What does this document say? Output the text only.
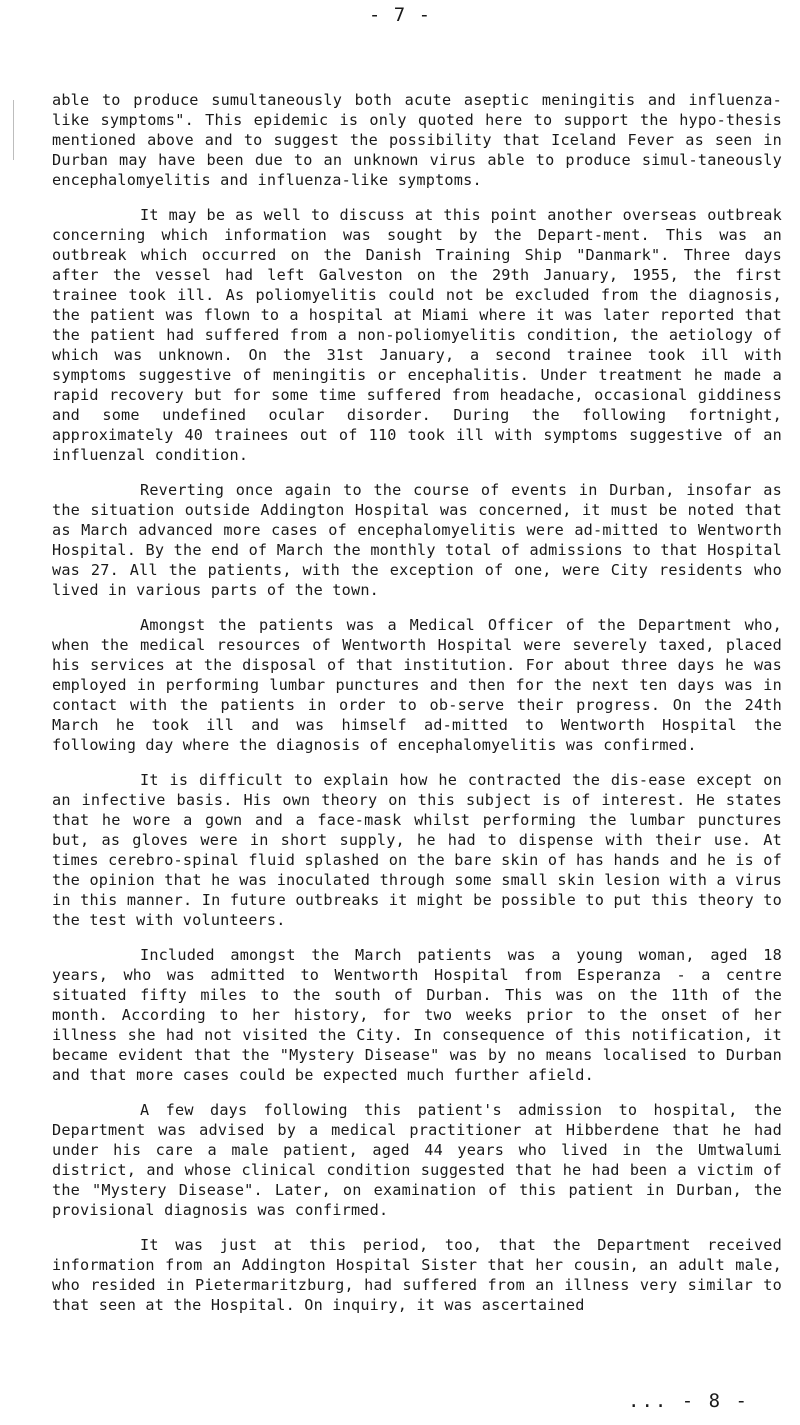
- 7 -

able to produce sumultaneously both acute aseptic meningitis and influenza-like symptoms". This epidemic is only quoted here to support the hypo-thesis mentioned above and to suggest the possibility that Iceland Fever as seen in Durban may have been due to an unknown virus able to produce simul-taneously encephalomyelitis and influenza-like symptoms.

It may be as well to discuss at this point another overseas outbreak concerning which information was sought by the Depart-ment. This was an outbreak which occurred on the Danish Training Ship "Danmark". Three days after the vessel had left Galveston on the 29th January, 1955, the first trainee took ill. As poliomyelitis could not be excluded from the diagnosis, the patient was flown to a hospital at Miami where it was later reported that the patient had suffered from a non-poliomyelitis condition, the aetiology of which was unknown. On the 31st January, a second trainee took ill with symptoms suggestive of meningitis or encephalitis. Under treatment he made a rapid recovery but for some time suffered from headache, occasional giddiness and some undefined ocular disorder. During the following fortnight, approximately 40 trainees out of 110 took ill with symptoms suggestive of an influenzal condition.

Reverting once again to the course of events in Durban, insofar as the situation outside Addington Hospital was concerned, it must be noted that as March advanced more cases of encephalomyelitis were ad-mitted to Wentworth Hospital. By the end of March the monthly total of admissions to that Hospital was 27. All the patients, with the exception of one, were City residents who lived in various parts of the town.

Amongst the patients was a Medical Officer of the Department who, when the medical resources of Wentworth Hospital were severely taxed, placed his services at the disposal of that institution. For about three days he was employed in performing lumbar punctures and then for the next ten days was in contact with the patients in order to ob-serve their progress. On the 24th March he took ill and was himself ad-mitted to Wentworth Hospital the following day where the diagnosis of encephalomyelitis was confirmed.

It is difficult to explain how he contracted the dis-ease except on an infective basis. His own theory on this subject is of interest. He states that he wore a gown and a face-mask whilst performing the lumbar punctures but, as gloves were in short supply, he had to dispense with their use. At times cerebro-spinal fluid splashed on the bare skin of has hands and he is of the opinion that he was inoculated through some small skin lesion with a virus in this manner. In future outbreaks it might be possible to put this theory to the test with volunteers.

Included amongst the March patients was a young woman, aged 18 years, who was admitted to Wentworth Hospital from Esperanza - a centre situated fifty miles to the south of Durban. This was on the 11th of the month. According to her history, for two weeks prior to the onset of her illness she had not visited the City. In consequence of this notification, it became evident that the "Mystery Disease" was by no means localised to Durban and that more cases could be expected much further afield.

A few days following this patient's admission to hospital, the Department was advised by a medical practitioner at Hibberdene that he had under his care a male patient, aged 44 years who lived in the Umtwalumi district, and whose clinical condition suggested that he had been a victim of the "Mystery Disease". Later, on examination of this patient in Durban, the provisional diagnosis was confirmed.

It was just at this period, too, that the Department received information from an Addington Hospital Sister that her cousin, an adult male, who resided in Pietermaritzburg, had suffered from an illness very similar to that seen at the Hospital. On inquiry, it was ascertained

... - 8 -
